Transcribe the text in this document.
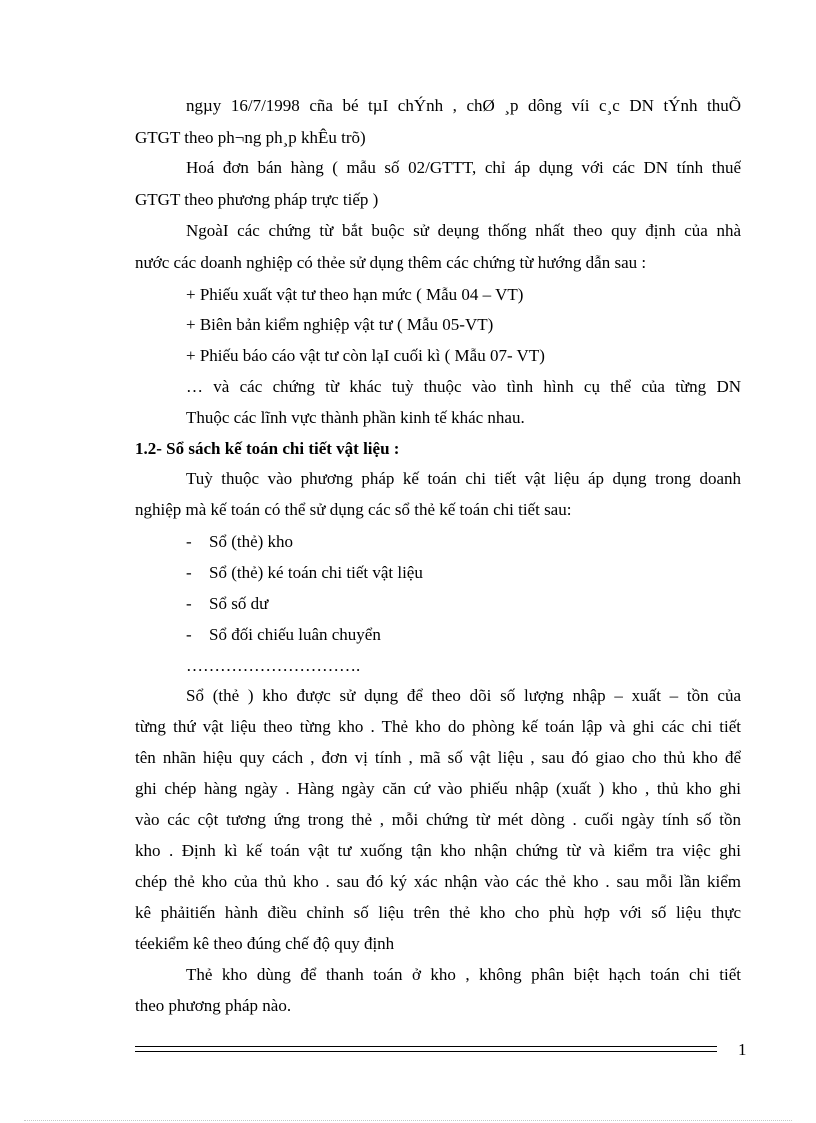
ngµy 16/7/1998 cña bé tµI chÝnh , chØ ¸p dông víi c¸c DN tÝnh thuÕ
GTGT theo ph¬ng ph¸p khÊu trõ)
Hoá đơn bán hàng ( mẫu số 02/GTTT, chỉ áp dụng với các DN tính thuế
GTGT theo phương pháp trực tiếp )
NgoàI các chứng từ bắt buộc sử deụng thống nhất theo quy định của nhà
nước các doanh nghiệp có thẻe sử dụng thêm các chứng từ hướng dẫn sau :
+ Phiếu xuất vật tư theo hạn mức ( Mẫu 04 – VT)
+ Biên bản kiểm nghiệp vật tư ( Mẫu 05-VT)
+ Phiếu báo cáo vật tư còn lạI cuối kì ( Mẫu 07- VT)
… và các chứng từ khác tuỳ thuộc vào tình hình cụ thể của từng DN
Thuộc các lĩnh vực thành phần kinh tế khác nhau.
1.2- Sổ sách kế toán chi tiết vật liệu :
Tuỳ thuộc vào phương pháp kế toán chi tiết vật liệu áp dụng trong doanh
nghiệp mà kế toán có thể sử dụng các sổ thẻ kế toán chi tiết sau:
- Sổ (thẻ) kho
- Sổ (thẻ) ké toán chi tiết vật liệu
- Sổ số dư
- Sổ đối chiếu luân chuyển
………………………….
Sổ (thẻ ) kho được sử dụng để theo dõi số lượng nhập – xuất – tồn của
từng thứ vật liệu theo từng kho . Thẻ kho do phòng kế toán lập và ghi các chi tiết
tên nhãn hiệu quy cách , đơn vị tính , mã số vật liệu , sau đó giao cho thủ kho để
ghi chép hàng ngày . Hàng ngày căn cứ vào phiếu nhập (xuất ) kho , thủ kho ghi
vào các cột tương ứng trong thẻ , mỗi chứng từ mét dòng . cuối ngày tính số tồn
kho . Định kì kế toán vật tư xuống tận kho nhận chứng từ và kiểm tra việc ghi
chép thẻ kho của thủ kho . sau đó ký xác nhận vào các thẻ kho . sau mỗi lần kiểm
kê phảitiến hành điều chỉnh số liệu trên thẻ kho cho phù hợp với số liệu thực
téekiểm kê theo đúng chế độ quy định
Thẻ kho dùng để thanh toán ở kho , không phân biệt hạch toán chi tiết
theo phương pháp nào.
1
